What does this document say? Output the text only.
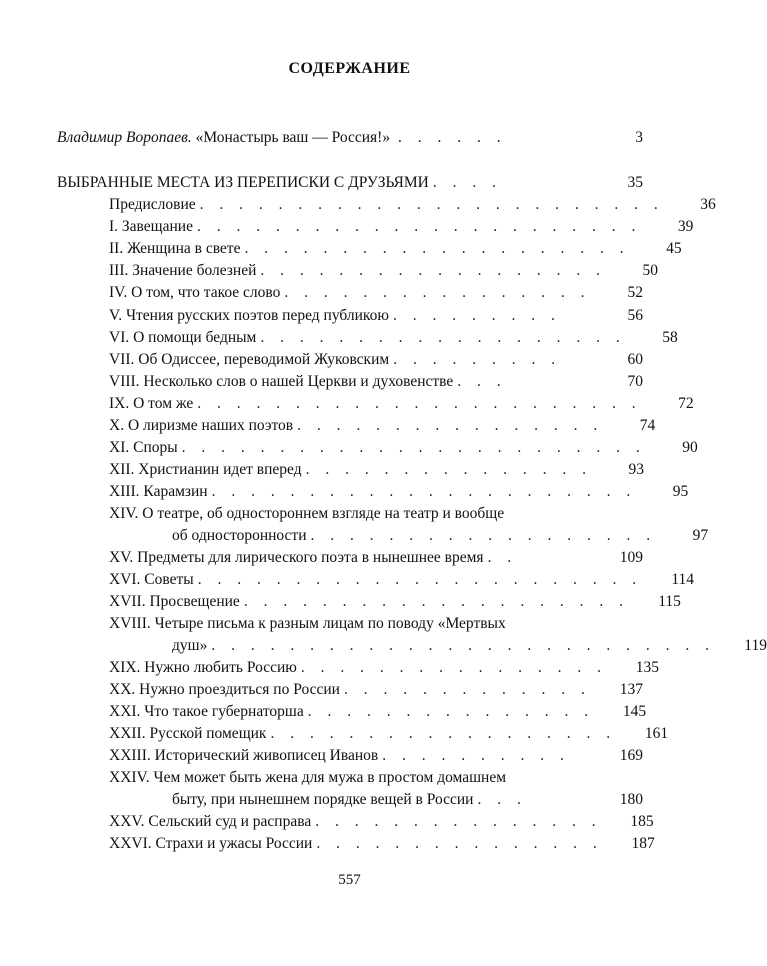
СОДЕРЖАНИЕ
Владимир Воропаев. «Монастырь ваш — Россия!» . . . . . .	3
ВЫБРАННЫЕ МЕСТА ИЗ ПЕРЕПИСКИ С ДРУЗЬЯМИ . . . .	35
Предисловие . . . . . . . . . . . . . . . . . . . . . . . .	36
I. Завещание . . . . . . . . . . . . . . . . . . . . . . .	39
II. Женщина в свете . . . . . . . . . . . . . . . . . . . .	45
III. Значение болезней . . . . . . . . . . . . . . . . . .	50
IV. О том, что такое слово . . . . . . . . . . . . . . . .	52
V. Чтения русских поэтов перед публикою . . . . . . . . .	56
VI. О помощи бедным . . . . . . . . . . . . . . . . . . .	58
VII. Об Одиссее, переводимой Жуковским . . . . . . . . .	60
VIII. Несколько слов о нашей Церкви и духовенстве . . .	70
IX. О том же . . . . . . . . . . . . . . . . . . . . . . .	72
X. О лиризме наших поэтов . . . . . . . . . . . . . . . .	74
XI. Споры . . . . . . . . . . . . . . . . . . . . . . . .	90
XII. Христианин идет вперед . . . . . . . . . . . . . . .	93
XIII. Карамзин . . . . . . . . . . . . . . . . . . . . . .	95
XIV. О театре, об одностороннем взгляде на театр и вообще
об односторонности . . . . . . . . . . . . . . . . . .	97
XV. Предметы для лирического поэта в нынешнее время . .	109
XVI. Советы . . . . . . . . . . . . . . . . . . . . . . .	114
XVII. Просвещение . . . . . . . . . . . . . . . . . . . .	115
XVIII. Четыре письма к разным лицам по поводу «Мертвых
душ» . . . . . . . . . . . . . . . . . . . . . . . . . .	119
XIX. Нужно любить Россию . . . . . . . . . . . . . . . .	135
XX. Нужно проездиться по России . . . . . . . . . . . . .	137
XXI. Что такое губернаторша . . . . . . . . . . . . . . .	145
XXII. Русской помещик . . . . . . . . . . . . . . . . . .	161
XXIII. Исторический живописец Иванов . . . . . . . . . .	169
XXIV. Чем может быть жена для мужа в простом домашнем
быту, при нынешнем порядке вещей в России . . .	180
XXV. Сельский суд и расправа . . . . . . . . . . . . . . .	185
XXVI. Страхи и ужасы России . . . . . . . . . . . . . . .	187
557
